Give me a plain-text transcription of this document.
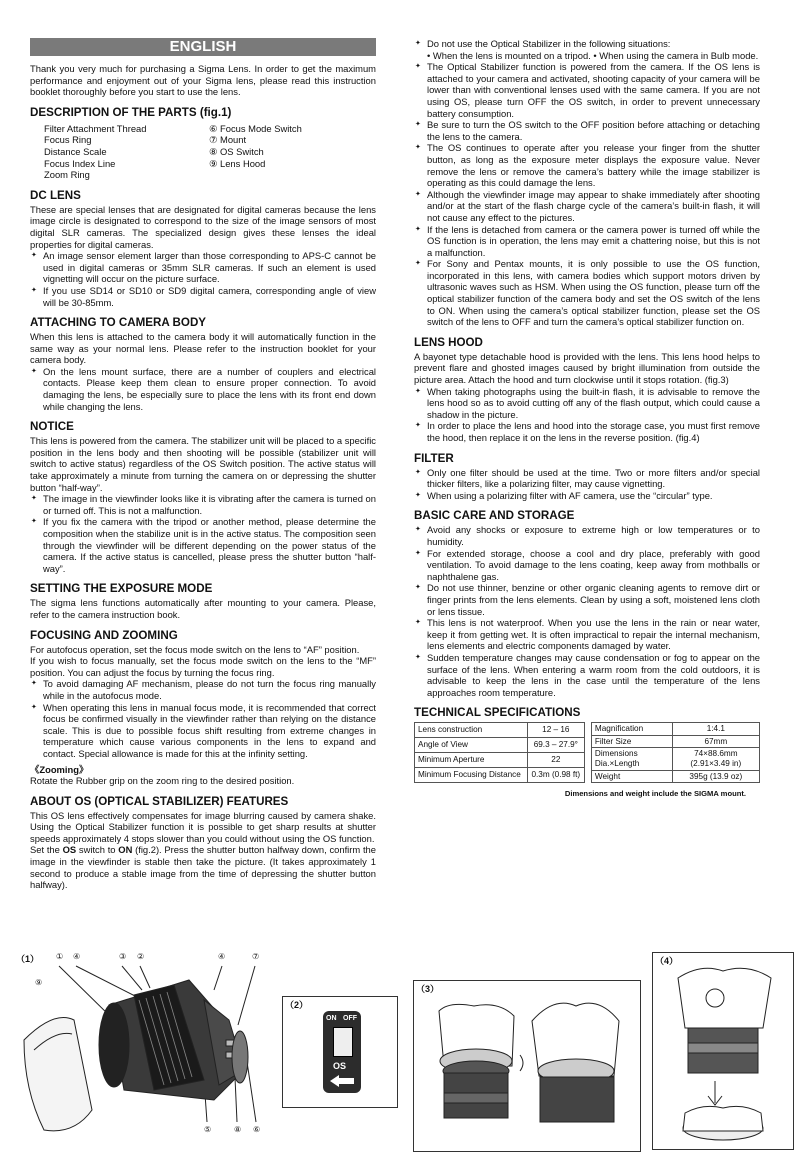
ENGLISH

Thank you very much for purchasing a Sigma Lens. In order to get the maximum performance and enjoyment out of your Sigma lens, please read this instruction booklet thoroughly before you start to use the lens.

DESCRIPTION OF THE PARTS (fig.1)
Filter Attachment Thread
Focus Ring
Distance Scale
Focus Index Line
Zoom Ring
⑥ Focus Mode Switch
⑦ Mount
⑧ OS Switch
⑨ Lens Hood
DC LENS

These are special lenses that are designated for digital cameras because the lens image circle is designated to correspond to the size of the image sensors of most digital SLR cameras. The specialized design gives these lenses the ideal properties for digital cameras.

✦ An image sensor element larger than those corresponding to APS-C cannot be used in digital cameras or 35mm SLR cameras. If such an element is used vignetting will occur on the picture surface.
✦ If you use SD14 or SD10 or SD9 digital camera, corresponding angle of view will be 30-85mm.
ATTACHING TO CAMERA BODY

When this lens is attached to the camera body it will automatically function in the same way as your normal lens. Please refer to the instruction booklet for your camera body.

✦ On the lens mount surface, there are a number of couplers and electrical contacts. Please keep them clean to ensure proper connection. To avoid damaging the lens, be especially sure to place the lens with its front end down while changing the lens.
NOTICE

This lens is powered from the camera. The stabilizer unit will be placed to a specific position in the lens body and then shooting will be possible (stabilizer unit will switch to active status) regardless of the OS Switch position. The active status will take approximately a minute from turning the camera on or depressing the shutter button “half-way”.

✦ The image in the viewfinder looks like it is vibrating after the camera is turned on or turned off. This is not a malfunction.
✦ If you fix the camera with the tripod or another method, please determine the composition when the stabilize unit is in the active status. The composition seen through the viewfinder will be different depending on the power status of the camera. If the active status is cancelled, please press the shutter button “half-way”.
SETTING THE EXPOSURE MODE

The sigma lens functions automatically after mounting to your camera. Please, refer to the camera instruction book.

FOCUSING AND ZOOMING

For autofocus operation, set the focus mode switch on the lens to “AF” position.

If you wish to focus manually, set the focus mode switch on the lens to the “MF” position. You can adjust the focus by turning the focus ring.

✦ To avoid damaging AF mechanism, please do not turn the focus ring manually while in the autofocus mode.
✦ When operating this lens in manual focus mode, it is recommended that correct focus be confirmed visually in the viewfinder rather than relying on the distance scale. This is due to possible focus shift resulting from extreme changes in temperature which cause various components in the lens to expand and contact. Special allowance is made for this at the infinity setting.
《Zooming》

Rotate the Rubber grip on the zoom ring to the desired position.

ABOUT OS (OPTICAL STABILIZER) FEATURES

This OS lens effectively compensates for image blurring caused by camera shake. Using the Optical Stabilizer function it is possible to get sharp results at shutter speeds approximately 4 stops slower than you could without using the OS function.

Set the OS switch to ON (fig.2). Press the shutter button halfway down, confirm the image in the viewfinder is stable then take the picture. (It takes approximately 1 second to produce a stable image from the time of depressing the shutter button halfway).

✦ Do not use the Optical Stabilizer in the following situations:
• When the lens is mounted on a tripod. • When using the camera in Bulb mode.
✦ The Optical Stabilizer function is powered from the camera. If the OS lens is attached to your camera and activated, shooting capacity of your camera will be lower than with conventional lenses used with the same camera. If you are not using OS, please turn OFF the OS switch, in order to prevent unnecessary battery consumption.
✦ Be sure to turn the OS switch to the OFF position before attaching or detaching the lens to the camera.
✦ The OS continues to operate after you release your finger from the shutter button, as long as the exposure meter displays the exposure value. Never remove the lens or remove the camera’s battery while the image stabilizer is operating as this could damage the lens.
✦ Although the viewfinder image may appear to shake immediately after shooting and/or at the start of the flash charge cycle of the camera’s built-in flash, it will not cause any effect to the pictures.
✦ If the lens is detached from camera or the camera power is turned off while the OS function is in operation, the lens may emit a chattering noise, but this is not a malfunction.
✦ For Sony and Pentax mounts, it is only possible to use the OS function, incorporated in this lens, with camera bodies which support motors driven by ultrasonic waves such as HSM. When using the OS function, please turn off the optical stabilizer function of the camera body and set the OS switch of the lens to ON. When using the camera’s optical stabilizer function, please set the OS switch of the lens to OFF and turn the camera’s optical stabilizer function on.
LENS HOOD

A bayonet type detachable hood is provided with the lens. This lens hood helps to prevent flare and ghosted images caused by bright illumination from outside the picture area. Attach the hood and turn clockwise until it stops rotation. (fig.3)

✦ When taking photographs using the built-in flash, it is advisable to remove the lens hood so as to avoid cutting off any of the flash output, which could cause a shadow in the picture.
✦ In order to place the lens and hood into the storage case, you must first remove the hood, then replace it on the lens in the reverse position. (fig.4)
FILTER
✦ Only one filter should be used at the time. Two or more filters and/or special thicker filters, like a polarizing filter, may cause vignetting.
✦ When using a polarizing filter with AF camera, use the “circular” type.
BASIC CARE AND STORAGE
✦ Avoid any shocks or exposure to extreme high or low temperatures or to humidity.
✦ For extended storage, choose a cool and dry place, preferably with good ventilation. To avoid damage to the lens coating, keep away from mothballs or naphthalene gas.
✦ Do not use thinner, benzine or other organic cleaning agents to remove dirt or finger prints from the lens elements. Clean by using a soft, moistened lens cloth or lens tissue.
✦ This lens is not waterproof. When you use the lens in the rain or near water, keep it from getting wet. It is often impractical to repair the internal mechanism, lens elements and electric components damaged by water.
✦ Sudden temperature changes may cause condensation or fog to appear on the surface of the lens. When entering a warm room from the cold outdoors, it is advisable to keep the lens in the case until the temperature of the lens approaches room temperature.
TECHNICAL SPECIFICATIONS
Lens construction	12 – 16
Angle of View	69.3 – 27.9°
Minimum Aperture	22
Minimum Focusing Distance	0.3m (0.98 ft)
Magnification	1:4.1
Filter Size	67mm
Dimensions
Dia.×Length	74×88.6mm
(2.91×3.49 in)
Weight	395g (13.9 oz)
Dimensions and weight include the SIGMA mount.
（1） ① ④	③ ②	④	⑦
⑨
⑤	⑧ ⑥
（2）
ON OFF
OS
（3）
（4）
